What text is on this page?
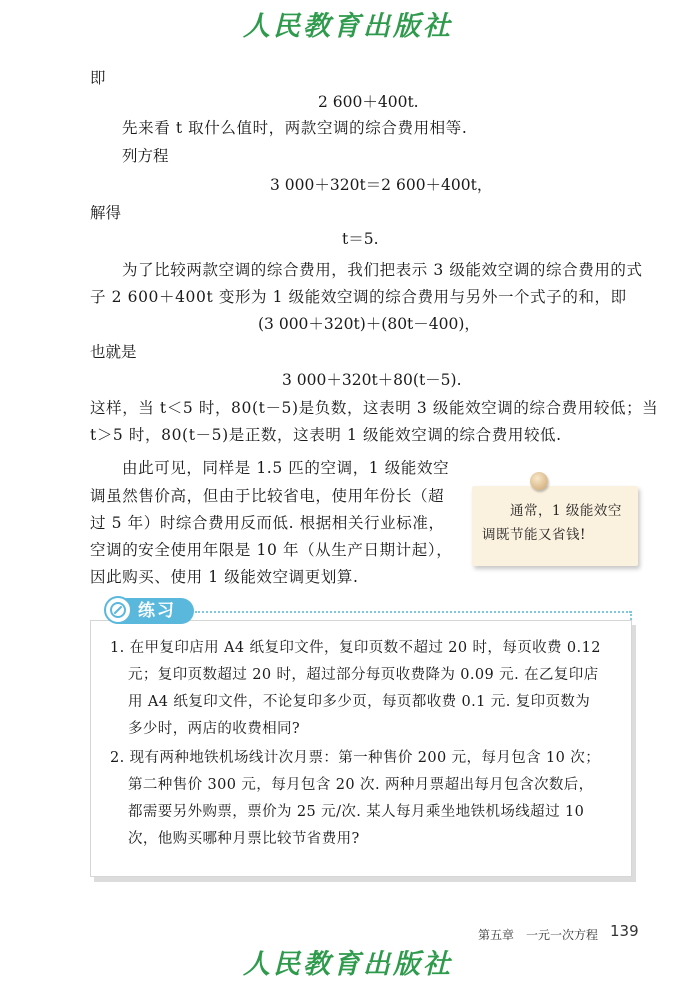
人民教育出版社
即
2 600＋400t.
先来看 t 取什么值时，两款空调的综合费用相等.
列方程
3 000＋320t＝2 600＋400t，
解得
t＝5.
为了比较两款空调的综合费用，我们把表示 3 级能效空调的综合费用的式
子 2 600＋400t 变形为 1 级能效空调的综合费用与另外一个式子的和，即
(3 000＋320t)＋(80t－400)，
也就是
3 000＋320t＋80(t－5).
这样，当 t＜5 时，80(t－5)是负数，这表明 3 级能效空调的综合费用较低；当
t＞5 时，80(t－5)是正数，这表明 1 级能效空调的综合费用较低.
由此可见，同样是 1.5 匹的空调，1 级能效空
调虽然售价高，但由于比较省电，使用年份长（超
过 5 年）时综合费用反而低. 根据相关行业标准，
空调的安全使用年限是 10 年（从生产日期计起），
因此购买、使用 1 级能效空调更划算.
通常，1 级能效空
调既节能又省钱!
练习
1. 在甲复印店用 A4 纸复印文件，复印页数不超过 20 时，每页收费 0.12
元；复印页数超过 20 时，超过部分每页收费降为 0.09 元. 在乙复印店
用 A4 纸复印文件，不论复印多少页，每页都收费 0.1 元. 复印页数为
多少时，两店的收费相同?
2. 现有两种地铁机场线计次月票：第一种售价 200 元，每月包含 10 次；
第二种售价 300 元，每月包含 20 次. 两种月票超出每月包含次数后，
都需要另外购票，票价为 25 元/次. 某人每月乘坐地铁机场线超过 10
次，他购买哪种月票比较节省费用?
第五章　一元一次方程 139
人民教育出版社
